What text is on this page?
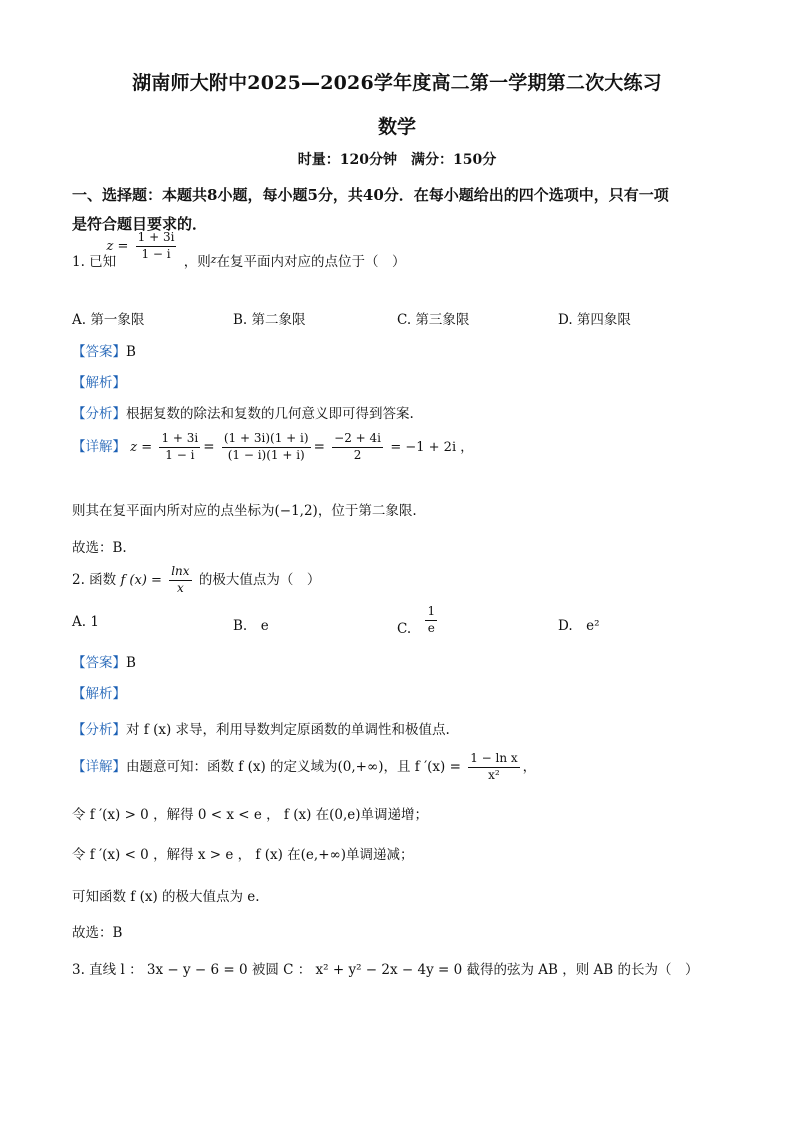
湖南师大附中2025—2026学年度高二第一学期第二次大练习
数学
时量：120分钟　满分：150分
一、选择题：本题共8小题，每小题5分，共40分．在每小题给出的四个选项中，只有一项
是符合题目要求的．
1. 已知 $z = \frac{1 + 3i}{1 - i}$
，则$^z$在复平面内对应的点位于（　）
A. 第一象限	B. 第二象限	C. 第三象限	D. 第四象限
【答案】B
【解析】
【分析】根据复数的除法和复数的几何意义即可得到答案.
【详解】 $z = \frac{1 + 3i}{1 - i} = \frac{(1 + 3i)(1 + i)}{(1 - i)(1 + i)} = \frac{-2 + 4i}{2} = -1 + 2i$ ，
则其在复平面内所对应的点坐标为(−1,2)，位于第二象限.
故选：B.
2. 函数 f $(x) = \frac{\ln x}{x}$ 的极大值点为（　）
A. 1	B.　e	C. $\frac{1}{e}$	D.　e²
【答案】B
【解析】
【分析】对 f (x) 求导，利用导数判定原函数的单调性和极值点.
【详解】由题意可知：函数 f (x) 的定义域为(0,+∞)，且 f $'(x) = \frac{\text{1 − ln x}}{\text{x²}}$ ，
令 f ′(x) > 0 ，解得 0 < x < e ， f (x) 在(0,e)单调递增；
令 f ′(x) < 0 ，解得 x > e ， f (x) 在(e,+∞)单调递减；
可知函数 f (x) 的极大值点为 e.
故选：B
3. 直线 l ： 3x − y − 6 = 0 被圆 C ： x² + y² − 2x − 4y = 0 截得的弦为 AB ，则 AB 的长为（　）
